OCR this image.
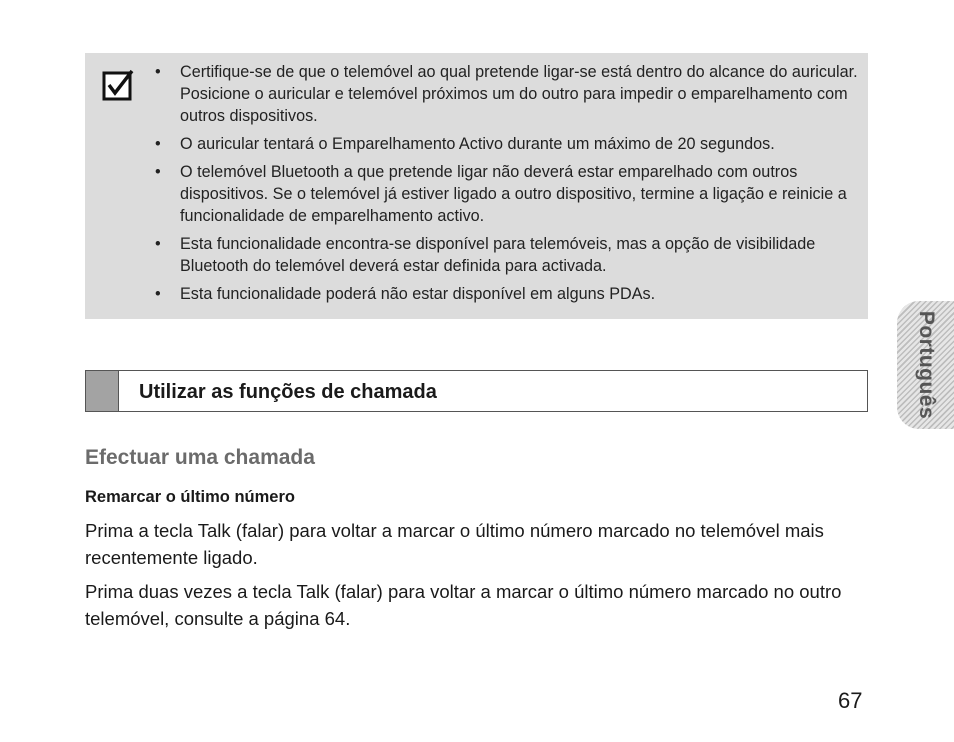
• Certifique-se de que o telemóvel ao qual pretende ligar-se está dentro do alcance do auricular. Posicione o auricular e telemóvel próximos um do outro para impedir o emparelhamento com outros dispositivos.
• O auricular tentará o Emparelhamento Activo durante um máximo de 20 segundos.
• O telemóvel Bluetooth a que pretende ligar não deverá estar emparelhado com outros dispositivos. Se o telemóvel já estiver ligado a outro dispositivo, termine a ligação e reinicie a funcionalidade de emparelhamento activo.
• Esta funcionalidade encontra-se disponível para telemóveis, mas a opção de visibilidade Bluetooth do telemóvel deverá estar definida para activada.
• Esta funcionalidade poderá não estar disponível em alguns PDAs.
Utilizar as funções de chamada
Efectuar uma chamada
Remarcar o último número

Prima a tecla Talk (falar) para voltar a marcar o último número marcado no telemóvel mais recentemente ligado.

Prima duas vezes a tecla Talk (falar) para voltar a marcar o último número marcado no outro telemóvel, consulte a página 64.

Português
67
